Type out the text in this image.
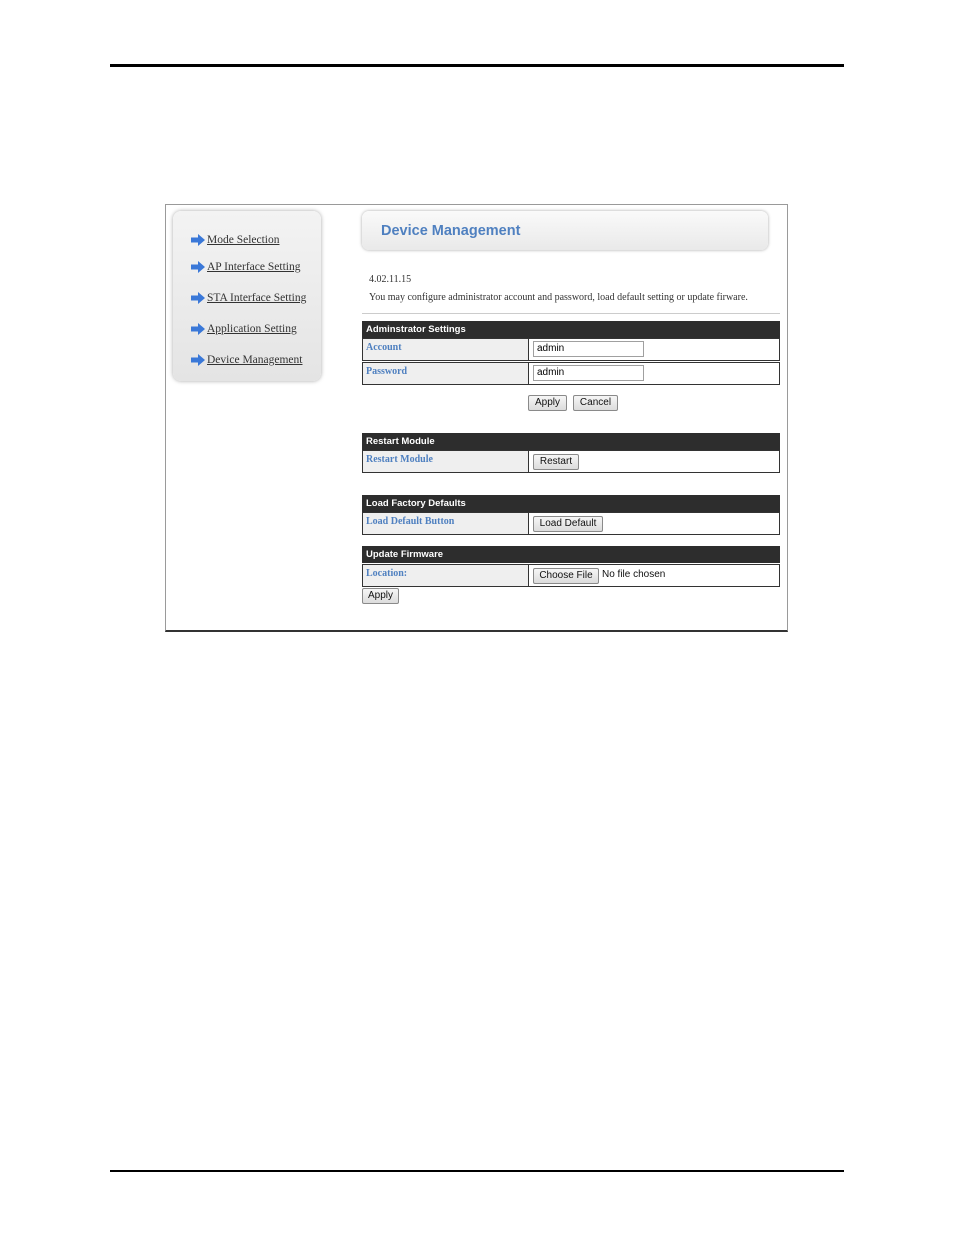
Mode Selection
AP Interface Setting
STA Interface Setting
Application Setting
Device Management
Device Management
4.02.11.15
You may configure administrator account and password, load default setting or update firware.
Adminstrator Settings
Account	admin
Password	admin
Apply	Cancel
Restart Module
Restart Module	Restart
Load Factory Defaults
Load Default Button	Load Default
Update Firmware
Location:	Choose File No file chosen
Apply
